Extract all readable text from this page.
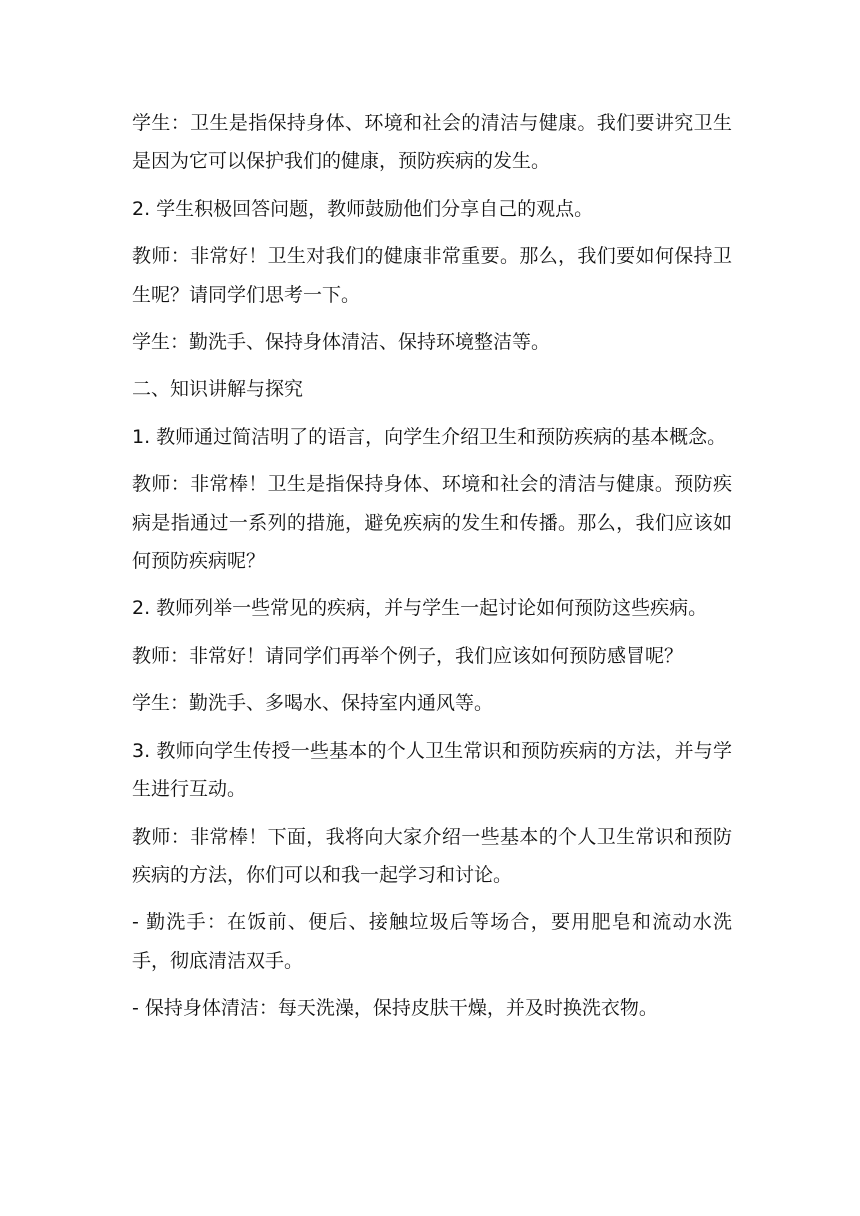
学生：卫生是指保持身体、环境和社会的清洁与健康。我们要讲究卫生是因为它可以保护我们的健康，预防疾病的发生。

2. 学生积极回答问题，教师鼓励他们分享自己的观点。

教师：非常好！卫生对我们的健康非常重要。那么，我们要如何保持卫生呢？请同学们思考一下。

学生：勤洗手、保持身体清洁、保持环境整洁等。

二、知识讲解与探究

1. 教师通过简洁明了的语言，向学生介绍卫生和预防疾病的基本概念。

教师：非常棒！卫生是指保持身体、环境和社会的清洁与健康。预防疾病是指通过一系列的措施，避免疾病的发生和传播。那么，我们应该如何预防疾病呢？

2. 教师列举一些常见的疾病，并与学生一起讨论如何预防这些疾病。

教师：非常好！请同学们再举个例子，我们应该如何预防感冒呢？

学生：勤洗手、多喝水、保持室内通风等。

3. 教师向学生传授一些基本的个人卫生常识和预防疾病的方法，并与学生进行互动。

教师：非常棒！下面，我将向大家介绍一些基本的个人卫生常识和预防疾病的方法，你们可以和我一起学习和讨论。

- 勤洗手：在饭前、便后、接触垃圾后等场合，要用肥皂和流动水洗手，彻底清洁双手。

- 保持身体清洁：每天洗澡，保持皮肤干燥，并及时换洗衣物。
